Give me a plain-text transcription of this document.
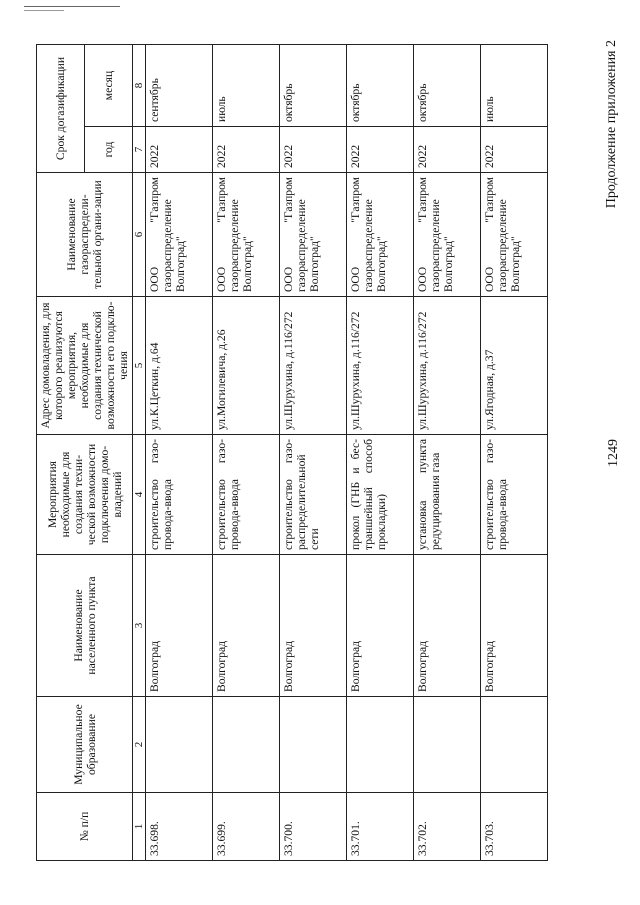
1249
Продолжение приложения 2
№ п/п	Муниципальное образование	Наименование населенного пункта	Мероприятия необходимые для создания техни-ческой возможности подключения домо-владений	Адрес домовладения, для которого реализуются мероприятия, необходимые для создания технической возможности его подклю-чения	Наименование газораспредели-тельной органи-зации	Срок догазификации	
						год	месяц
1	2	3	4	5	6	7	8
33.698.		Волгоград	строительство газо-провода-ввода	ул.К.Цеткин, д.64	ООО "Газпром газораспределение Волгоград"	2022	сентябрь
33.699.		Волгоград	строительство газо-провода-ввода	ул.Могилевича, д.26	ООО "Газпром газораспределение Волгоград"	2022	июль
33.700.		Волгоград	строительство газо-распределительной сети	ул.Шурухина, д.116/272	ООО "Газпром газораспределение Волгоград"	2022	октябрь
33.701.		Волгоград	прокол (ГНБ и бес-траншейный способ прокладки)	ул.Шурухина, д.116/272	ООО "Газпром газораспределение Волгоград"	2022	октябрь
33.702.		Волгоград	установка пункта редуцирования газа	ул.Шурухина, д.116/272	ООО "Газпром газораспределение Волгоград"	2022	октябрь
33.703.		Волгоград	строительство газо-провода-ввода	ул.Ягодная, д.37	ООО "Газпром газораспределение Волгоград"	2022	июль
